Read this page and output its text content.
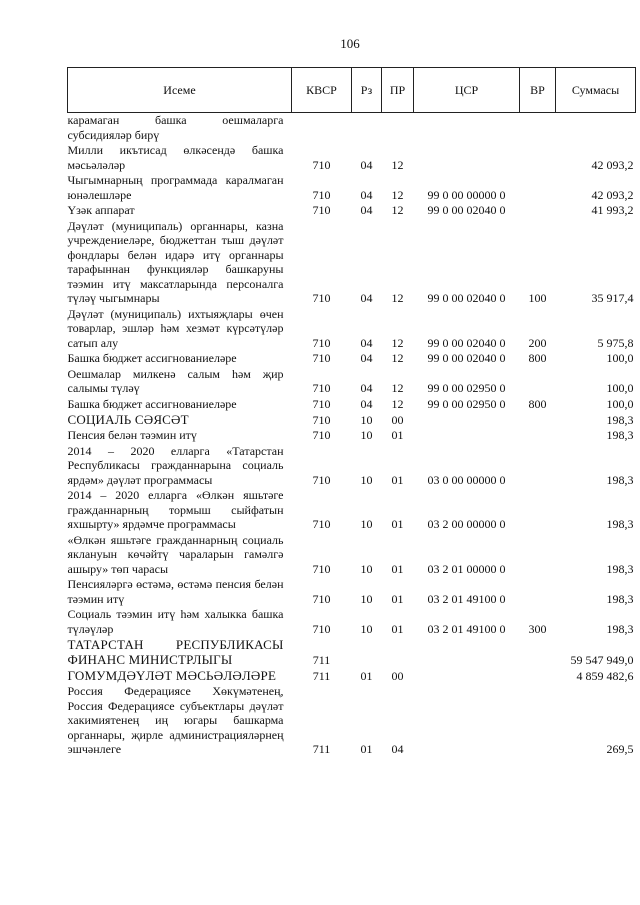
106
Исеме	КВСР	Рз	ПР	ЦСР	ВР	Суммасы
карамаган башка оешмаларга субсидияләр бирү						
Милли икътисад өлкәсендә башка мәсьәләләр	710	04	12			42 093,2
Чыгымнарның программада каралмаган юнәлешләре	710	04	12	99 0 00 00000 0		42 093,2
Үзәк аппарат	710	04	12	99 0 00 02040 0		41 993,2
Дәүләт (муниципаль) органнары, казна учреждениеләре, бюджеттан тыш дәүләт фондлары белән идарә итү органнары тарафыннан функцияләр башкаруны тәэмин итү максатларында персоналга түләү чыгымнары	710	04	12	99 0 00 02040 0	100	35 917,4
Дәүләт (муниципаль) ихтыяҗлары өчен товарлар, эшләр һәм хезмәт күрсәтүләр сатып алу	710	04	12	99 0 00 02040 0	200	5 975,8
Башка бюджет ассигнованиеләре	710	04	12	99 0 00 02040 0	800	100,0
Оешмалар милкенә салым һәм җир салымы түләү	710	04	12	99 0 00 02950 0		100,0
Башка бюджет ассигнованиеләре	710	04	12	99 0 00 02950 0	800	100,0
СОЦИАЛЬ СӘЯСӘТ	710	10	00			198,3
Пенсия белән тәэмин итү	710	10	01			198,3
2014 – 2020 елларга «Татарстан Республикасы гражданнарына социаль ярдәм» дәүләт программасы	710	10	01	03 0 00 00000 0		198,3
2014 – 2020 елларга «Өлкән яшьтәге гражданнарның тормыш сыйфатын яхшырту» ярдәмче программасы	710	10	01	03 2 00 00000 0		198,3
«Өлкән яшьтәге гражданнарның социаль яклануын көчәйтү чараларын гамәлгә ашыру» төп чарасы	710	10	01	03 2 01 00000 0		198,3
Пенсияләргә өстәмә, өстәмә пенсия белән тәэмин итү	710	10	01	03 2 01 49100 0		198,3
Социаль тәэмин итү һәм халыкка башка түләүләр	710	10	01	03 2 01 49100 0	300	198,3
ТАТАРСТАН РЕСПУБЛИКАСЫ ФИНАНС МИНИСТРЛЫГЫ	711					59 547 949,0
ГОМУМДӘҮЛӘТ МӘСЬӘЛӘЛӘРЕ	711	01	00			4 859 482,6
Россия Федерациясе Хөкүмәтенең, Россия Федерациясе субъектлары дәүләт хакимиятенең иң югары башкарма органнары, җирле администрацияләрнең эшчәнлеге	711	01	04			269,5
